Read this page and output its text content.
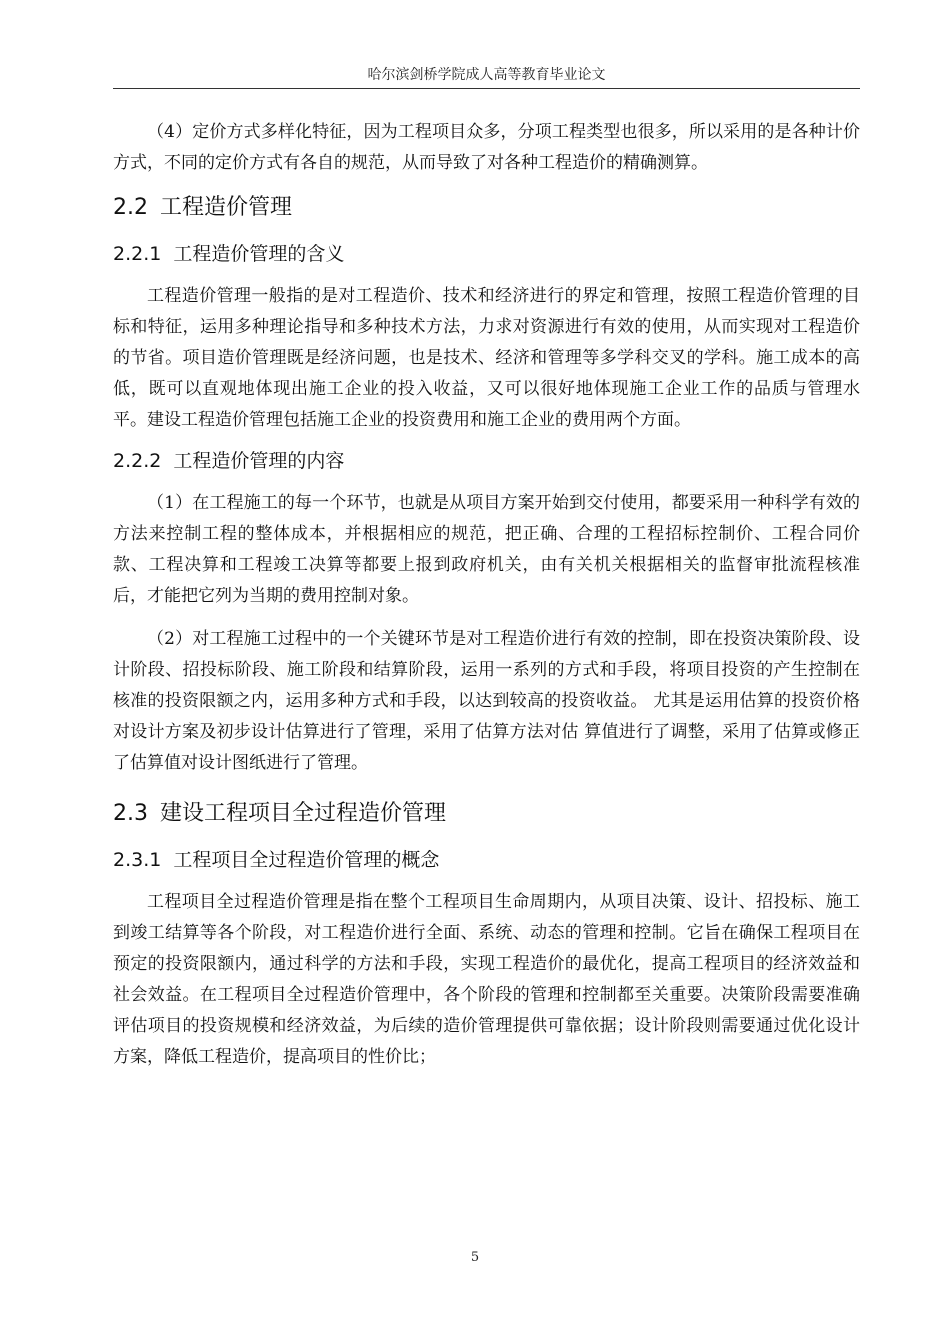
哈尔滨剑桥学院成人高等教育毕业论文

（4）定价方式多样化特征，因为工程项目众多，分项工程类型也很多，所以采用的是各种计价方式，不同的定价方式有各自的规范，从而导致了对各种工程造价的精确测算。

2.2 工程造价管理
2.2.1 工程造价管理的含义

工程造价管理一般指的是对工程造价、技术和经济进行的界定和管理，按照工程造价管理的目标和特征，运用多种理论指导和多种技术方法，力求对资源进行有效的使用，从而实现对工程造价的节省。项目造价管理既是经济问题，也是技术、经济和管理等多学科交叉的学科。施工成本的高低，既可以直观地体现出施工企业的投入收益，又可以很好地体现施工企业工作的品质与管理水平。建设工程造价管理包括施工企业的投资费用和施工企业的费用两个方面。

2.2.2 工程造价管理的内容

（1）在工程施工的每一个环节，也就是从项目方案开始到交付使用，都要采用一种科学有效的方法来控制工程的整体成本，并根据相应的规范，把正确、合理的工程招标控制价、工程合同价款、工程决算和工程竣工决算等都要上报到政府机关，由有关机关根据相关的监督审批流程核准后，才能把它列为当期的费用控制对象。

（2）对工程施工过程中的一个关键环节是对工程造价进行有效的控制，即在投资决策阶段、设计阶段、招投标阶段、施工阶段和结算阶段，运用一系列的方式和手段，将项目投资的产生控制在核准的投资限额之内，运用多种方式和手段，以达到较高的投资收益。 尤其是运用估算的投资价格对设计方案及初步设计估算进行了管理，采用了估算方法对估 算值进行了调整，采用了估算或修正了估算值对设计图纸进行了管理。

2.3 建设工程项目全过程造价管理
2.3.1 工程项目全过程造价管理的概念

工程项目全过程造价管理是指在整个工程项目生命周期内，从项目决策、设计、招投标、施工到竣工结算等各个阶段，对工程造价进行全面、系统、动态的管理和控制。它旨在确保工程项目在预定的投资限额内，通过科学的方法和手段，实现工程造价的最优化，提高工程项目的经济效益和社会效益。在工程项目全过程造价管理中，各个阶段的管理和控制都至关重要。决策阶段需要准确评估项目的投资规模和经济效益，为后续的造价管理提供可靠依据；设计阶段则需要通过优化设计方案，降低工程造价，提高项目的性价比；

5
